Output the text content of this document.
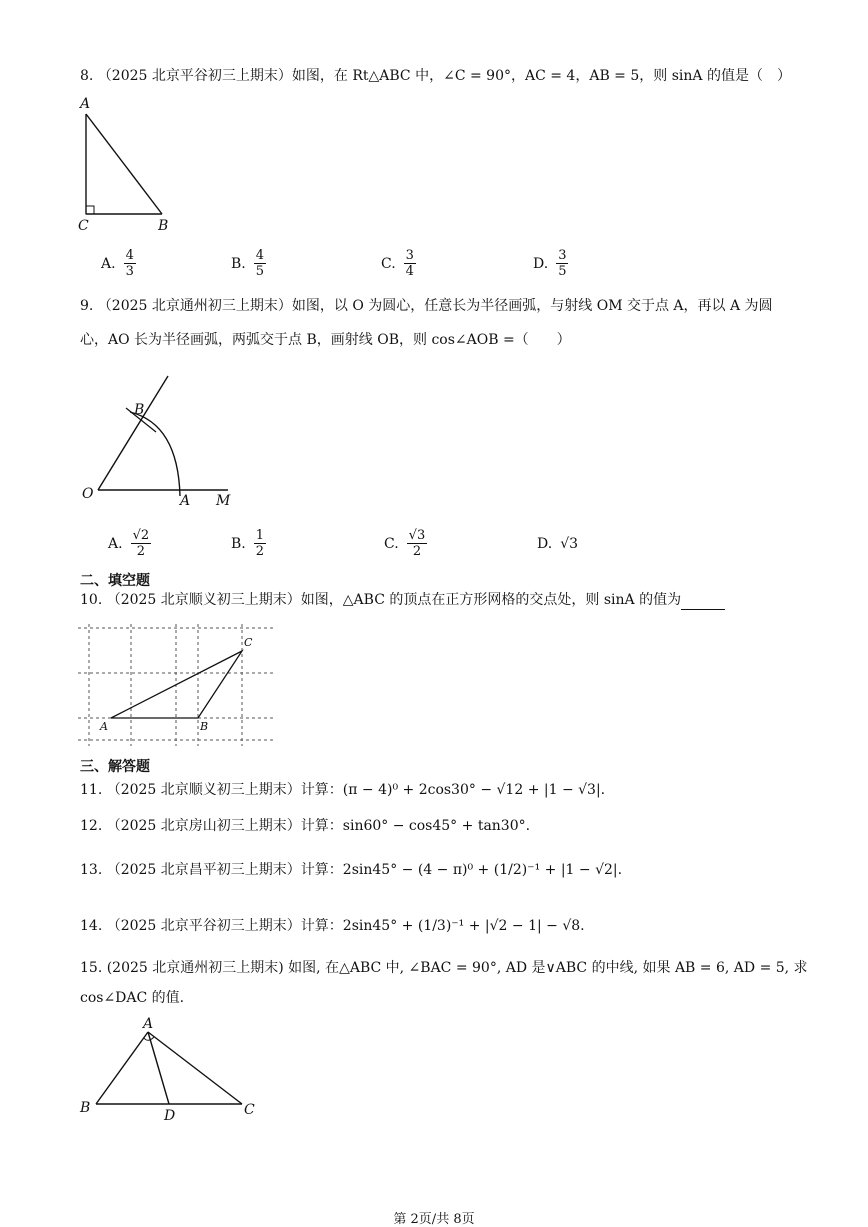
8. （2025 北京平谷初三上期末）如图，在 Rt△ABC 中，∠C = 90°，AC = 4，AB = 5，则 sinA 的值是（　）
A
C	B
A. $\frac{4}{3}$	B. $\frac{4}{5}$	C. $\frac{3}{4}$	D. $\frac{3}{5}$
9. （2025 北京通州初三上期末）如图，以 O 为圆心，任意长为半径画弧，与射线 OM 交于点 A，再以 A 为圆
心，AO 长为半径画弧，两弧交于点 B，画射线 OB，则 cos∠AOB =（　　）
O	A
B
M
A. $\frac{√2}{2}$	B. $\frac{1}{2}$	C. $\frac{√3}{2}$	D. √3
二、填空题
10. （2025 北京顺义初三上期末）如图，△ABC 的顶点在正方形网格的交点处，则 sinA 的值为
A	B
C
三、解答题
11. （2025 北京顺义初三上期末）计算：(π − 4)⁰ + 2cos30° − √12 + |1 − √3|.
12. （2025 北京房山初三上期末）计算：sin60° − cos45° + tan30°.
13. （2025 北京昌平初三上期末）计算：2sin45° − (4 − π)⁰ + (1/2)⁻¹ + |1 − √2|.
14. （2025 北京平谷初三上期末）计算：2sin45° + (1/3)⁻¹ + |√2 − 1| − √8.
15. (2025 北京通州初三上期末) 如图, 在△ABC 中, ∠BAC = 90°, AD 是∨ABC 的中线, 如果 AB = 6, AD = 5, 求
cos∠DAC 的值.
A
B	D	C
第 2页/共 8页
